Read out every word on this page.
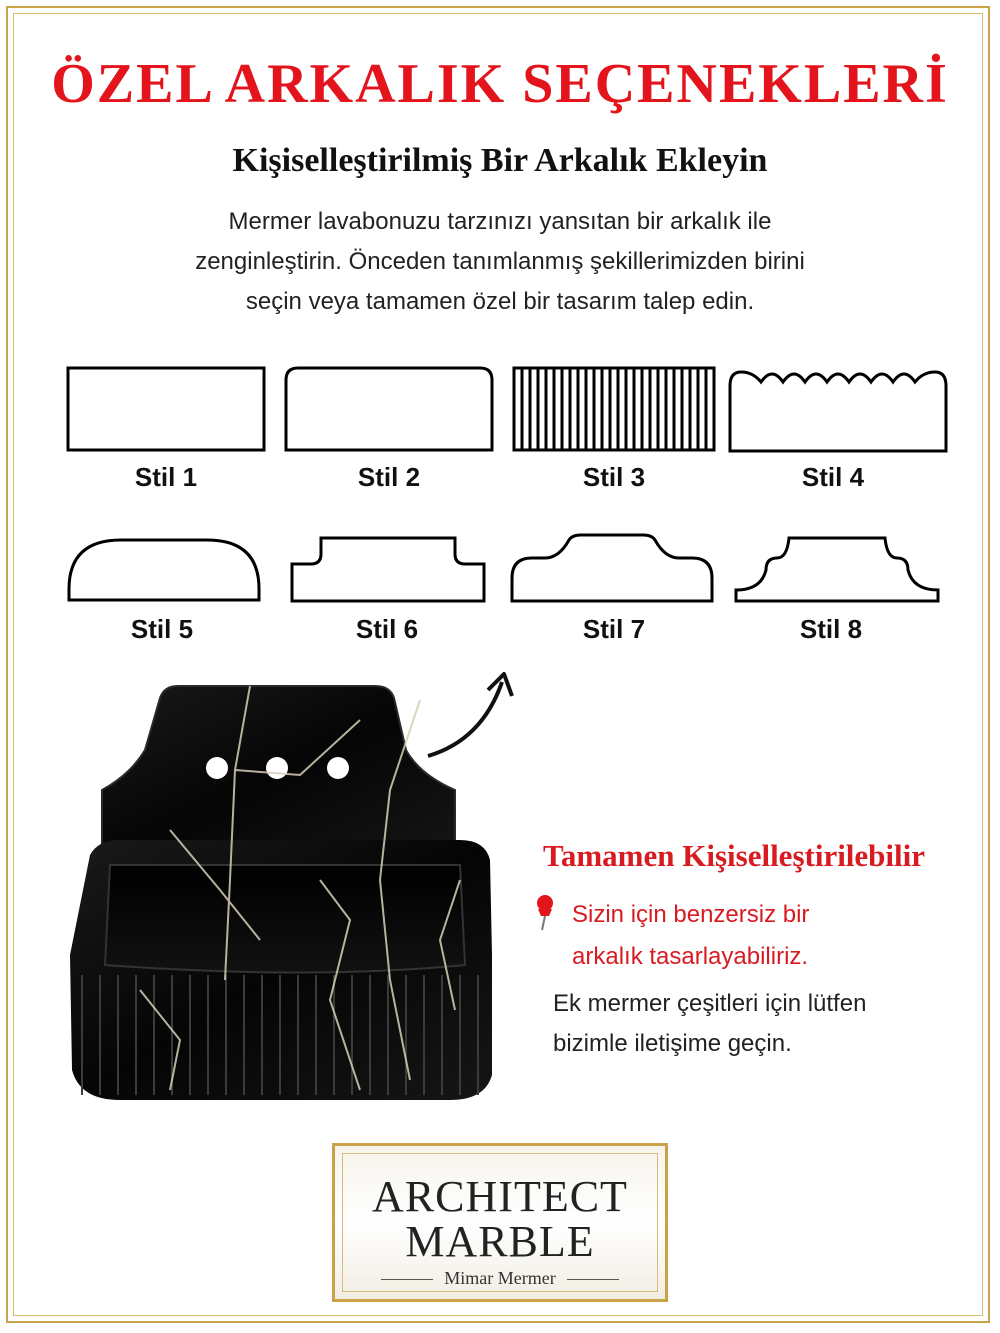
ÖZEL ARKALIK SEÇENEKLERİ
Kişiselleştirilmiş Bir Arkalık Ekleyin
Mermer lavabonuzu tarzınızı yansıtan bir arkalık ile
zenginleştirin. Önceden tanımlanmış şekillerimizden birini
seçin veya tamamen özel bir tasarım talep edin.
Stil 1	Stil 2	Stil 3	Stil 4
Stil 5	Stil 6	Stil 7	Stil 8
Tamamen Kişiselleştirilebilir
Sizin için benzersiz bir
arkalık tasarlayabiliriz.
Ek mermer çeşitleri için lütfen
bizimle iletişime geçin.
ARCHITECT
MARBLE
Mimar Mermer
